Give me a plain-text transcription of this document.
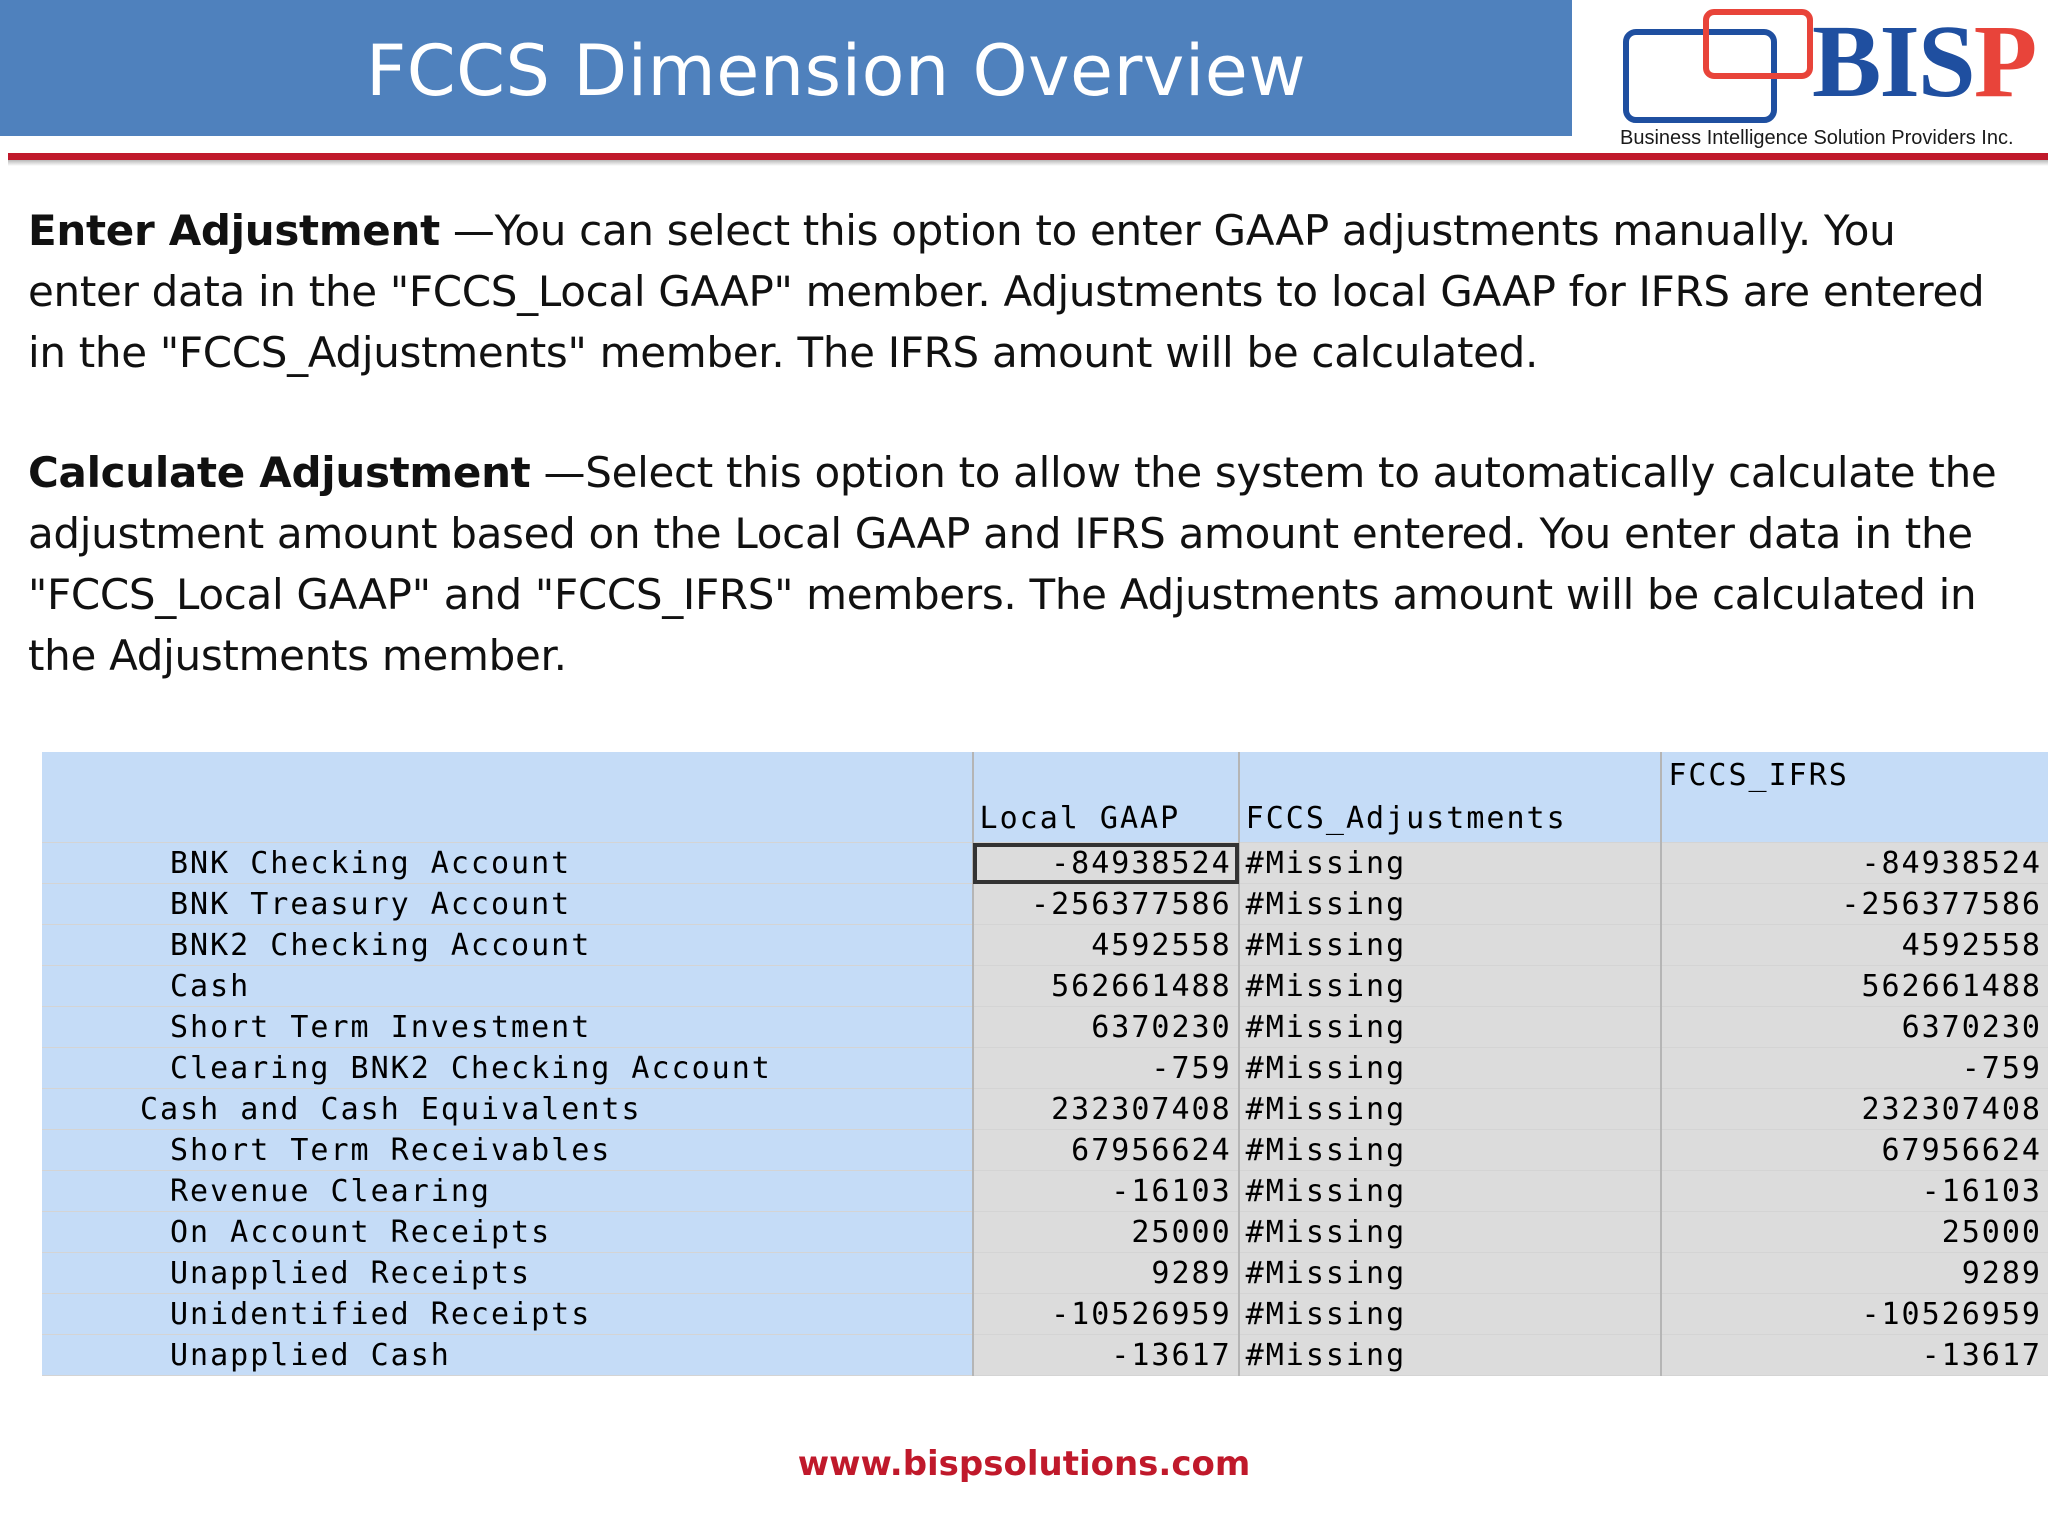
FCCS Dimension Overview	BISP
Business Intelligence Solution Providers Inc.
Enter Adjustment —You can select this option to enter GAAP adjustments manually. You enter data in the "FCCS_Local GAAP" member. Adjustments to local GAAP for IFRS are entered in the "FCCS_Adjustments" member. The IFRS amount will be calculated.
Calculate Adjustment —Select this option to allow the system to automatically calculate the adjustment amount based on the Local GAAP and IFRS amount entered. You enter data in the "FCCS_Local GAAP" and "FCCS_IFRS" members. The Adjustments amount will be calculated in the Adjustments member.
	Local GAAP	FCCS_Adjustments	FCCS_IFRS
BNK Checking Account	-84938524	#Missing	-84938524
BNK Treasury Account	-256377586	#Missing	-256377586
BNK2 Checking Account	4592558	#Missing	4592558
Cash	562661488	#Missing	562661488
Short Term Investment	6370230	#Missing	6370230
Clearing BNK2 Checking Account	-759	#Missing	-759
Cash and Cash Equivalents	232307408	#Missing	232307408
Short Term Receivables	67956624	#Missing	67956624
Revenue Clearing	-16103	#Missing	-16103
On Account Receipts	25000	#Missing	25000
Unapplied Receipts	9289	#Missing	9289
Unidentified Receipts	-10526959	#Missing	-10526959
Unapplied Cash	-13617	#Missing	-13617
www.bispsolutions.com
